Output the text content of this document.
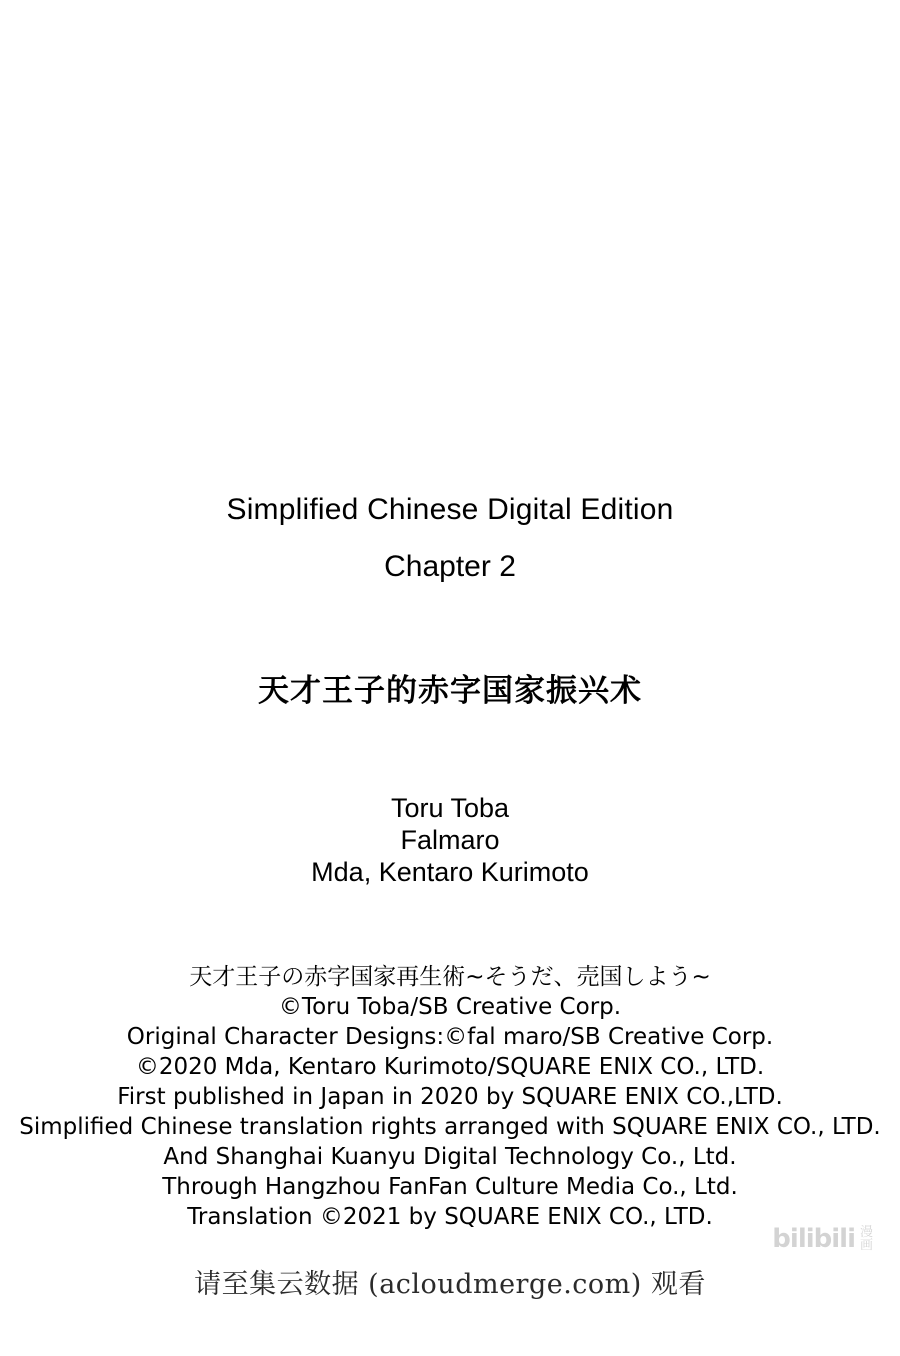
Simplified Chinese Digital Edition
Chapter 2
天才王子的赤字国家振兴术
Toru Toba
Falmaro
Mda, Kentaro Kurimoto
天才王子の赤字国家再生術~そうだ、売国しよう~
©Toru Toba/SB Creative Corp.
Original Character Designs:©fal maro/SB Creative Corp.
©2020 Mda, Kentaro Kurimoto/SQUARE ENIX CO., LTD.
First published in Japan in 2020 by SQUARE ENIX CO.,LTD.
Simplified Chinese translation rights arranged with SQUARE ENIX CO., LTD.
And Shanghai Kuanyu Digital Technology Co., Ltd.
Through Hangzhou FanFan Culture Media Co., Ltd.
Translation ©2021 by SQUARE ENIX CO., LTD.
bilibili 漫画
请至集云数据 (acloudmerge.com) 观看
